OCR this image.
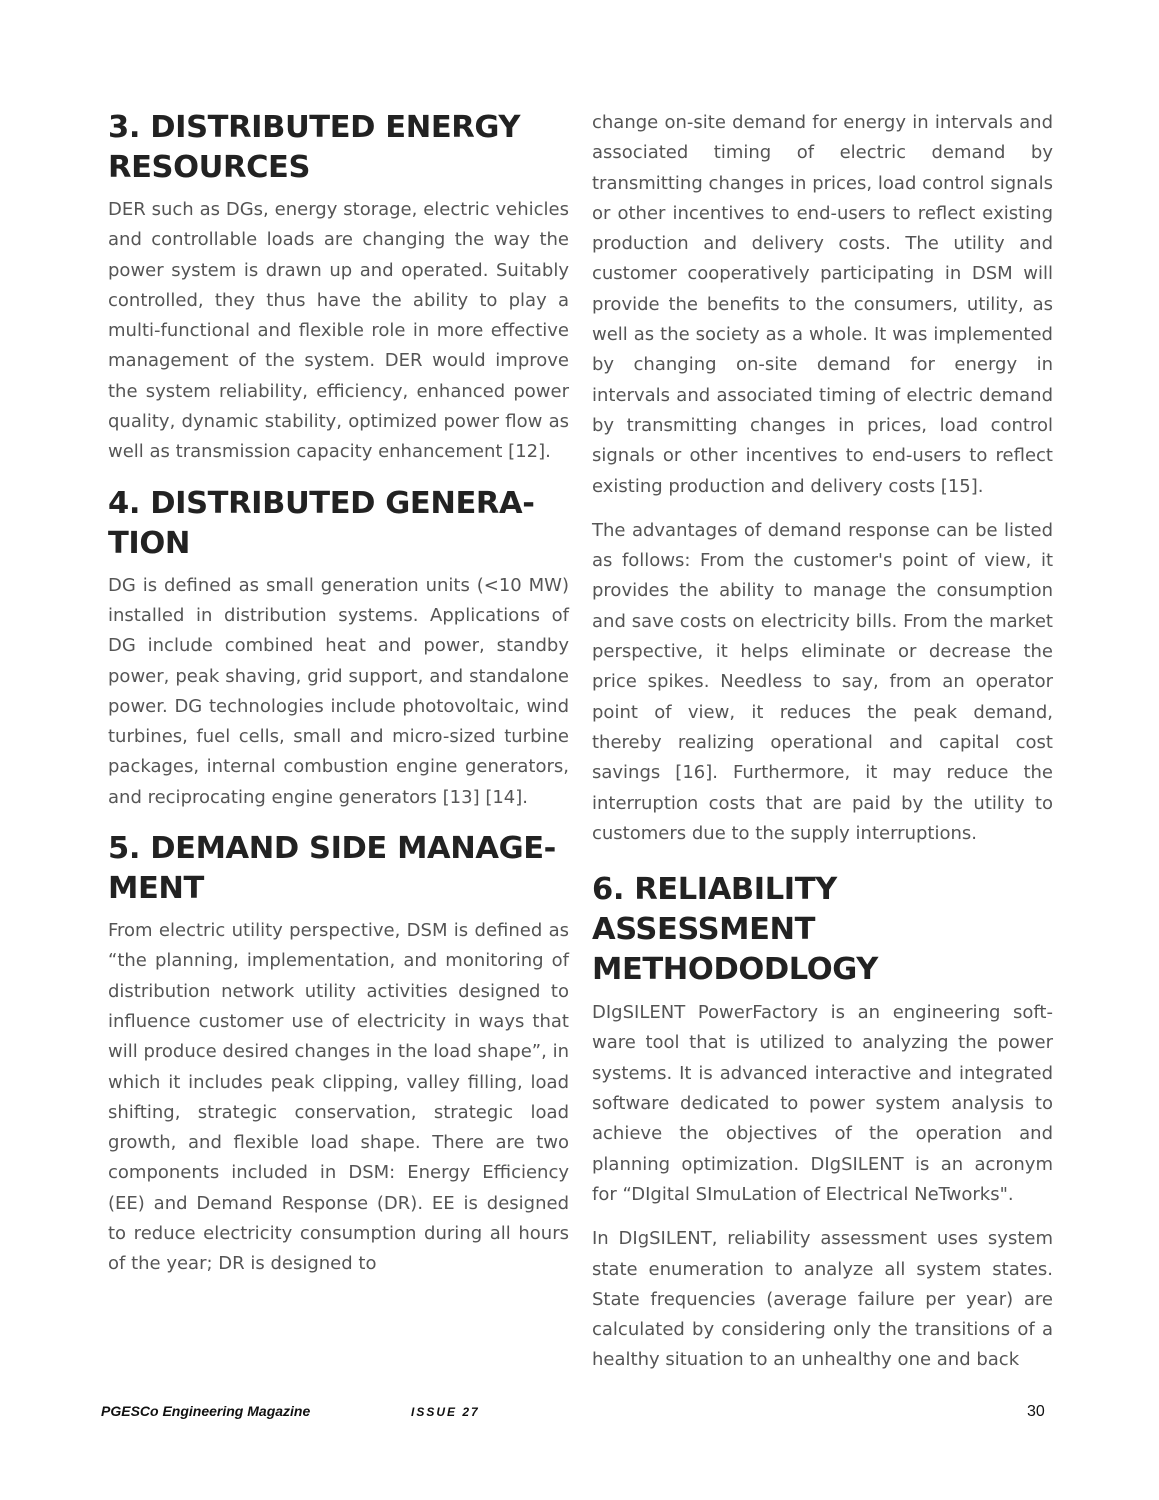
3. DISTRIBUTED ENERGY RESOURCES

DER such as DGs, energy storage, electric vehicles and controllable loads are changing the way the power system is drawn up and operated. Suitably controlled, they thus have the ability to play a multi-functional and flexible role in more effective management of the system. DER would improve the system reliability, efficiency, enhanced power quality, dynamic stability, optimized power flow as well as transmission capacity enhancement [12].

4. DISTRIBUTED GENERATION

DG is defined as small generation units (<10 MW) installed in distribution systems. Applications of DG include combined heat and power, standby power, peak shaving, grid support, and standalone power. DG technologies include photovoltaic, wind turbines, fuel cells, small and micro-sized turbine packages, internal combustion engine generators, and reciprocating engine generators [13] [14].

5. DEMAND SIDE MANAGEMENT

From electric utility perspective, DSM is defined as “the planning, implementation, and monitoring of distribution network utility activities designed to influence customer use of electricity in ways that will produce desired changes in the load shape”, in which it includes peak clipping, valley filling, load shifting, strategic conservation, strategic load growth, and flexible load shape. There are two components included in DSM: Energy Efficiency (EE) and Demand Response (DR). EE is designed to reduce electricity consumption during all hours of the year; DR is designed to

change on-site demand for energy in intervals and associated timing of electric demand by transmitting changes in prices, load control signals or other incentives to end-users to reflect existing production and delivery costs. The utility and customer cooperatively participating in DSM will provide the benefits to the consumers, utility, as well as the society as a whole. It was implemented by changing on-site demand for energy in intervals and associated timing of electric demand by transmitting changes in prices, load control signals or other incentives to end-users to reflect existing production and delivery costs [15].

The advantages of demand response can be listed as follows: From the customer's point of view, it provides the ability to manage the consumption and save costs on electricity bills. From the market perspective, it helps eliminate or decrease the price spikes. Needless to say, from an operator point of view, it reduces the peak demand, thereby realizing operational and capital cost savings [16]. Furthermore, it may reduce the interruption costs that are paid by the utility to customers due to the supply interruptions.

6. RELIABILITY ASSESSMENT METHODODLOGY

DIgSILENT PowerFactory is an engineering software tool that is utilized to analyzing the power systems. It is advanced interactive and integrated software dedicated to power system analysis to achieve the objectives of the operation and planning optimization. DIgSILENT is an acronym for “DIgital SImuLation of Electrical NeTworks".

In DIgSILENT, reliability assessment uses system state enumeration to analyze all system states. State frequencies (average failure per year) are calculated by considering only the transitions of a healthy situation to an unhealthy one and back

PGESCo Engineering Magazine	ISSUE 27	30
